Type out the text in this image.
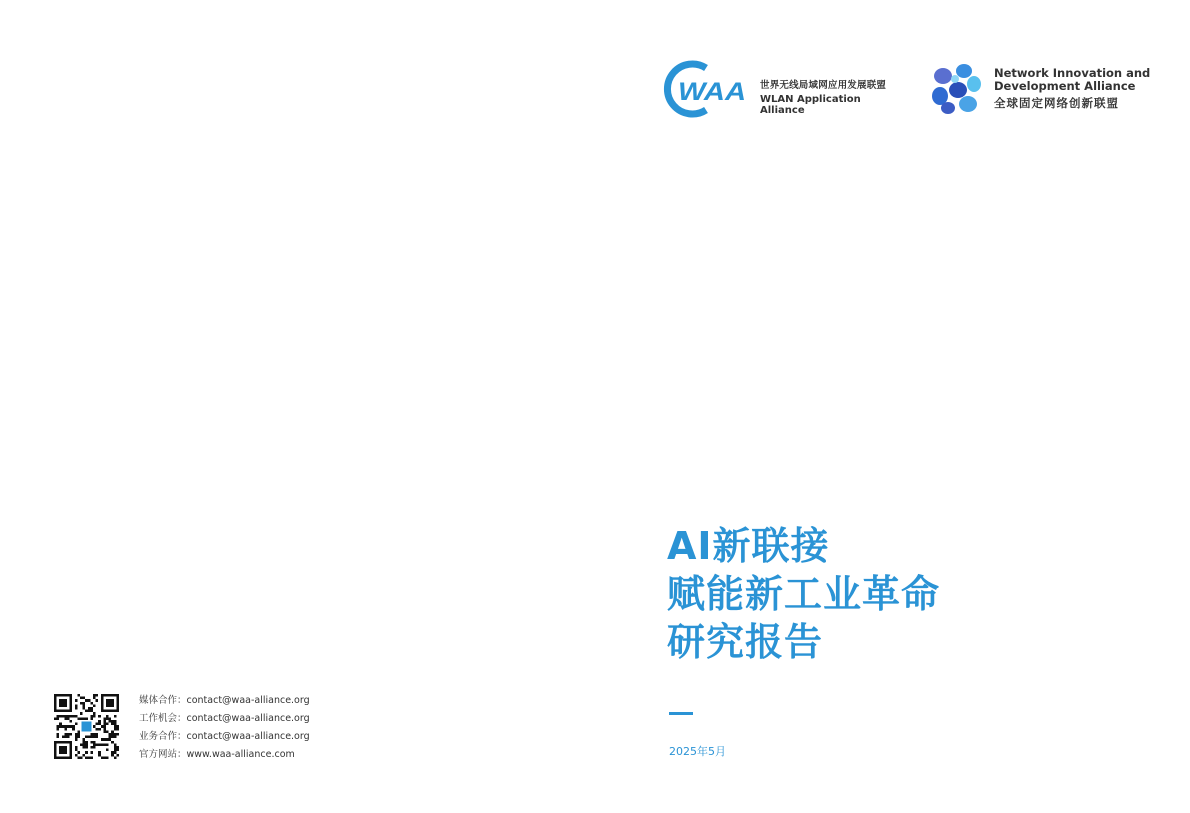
WAA 世界无线局域网应用发展联盟
WLAN Application Alliance
Network Innovation and
Development Alliance
全球固定网络创新联盟
AI新联接
赋能新工业革命
研究报告
2025年5月
媒体合作：contact@waa-alliance.org
工作机会：contact@waa-alliance.org
业务合作：contact@waa-alliance.org
官方网站：www.waa-alliance.com
